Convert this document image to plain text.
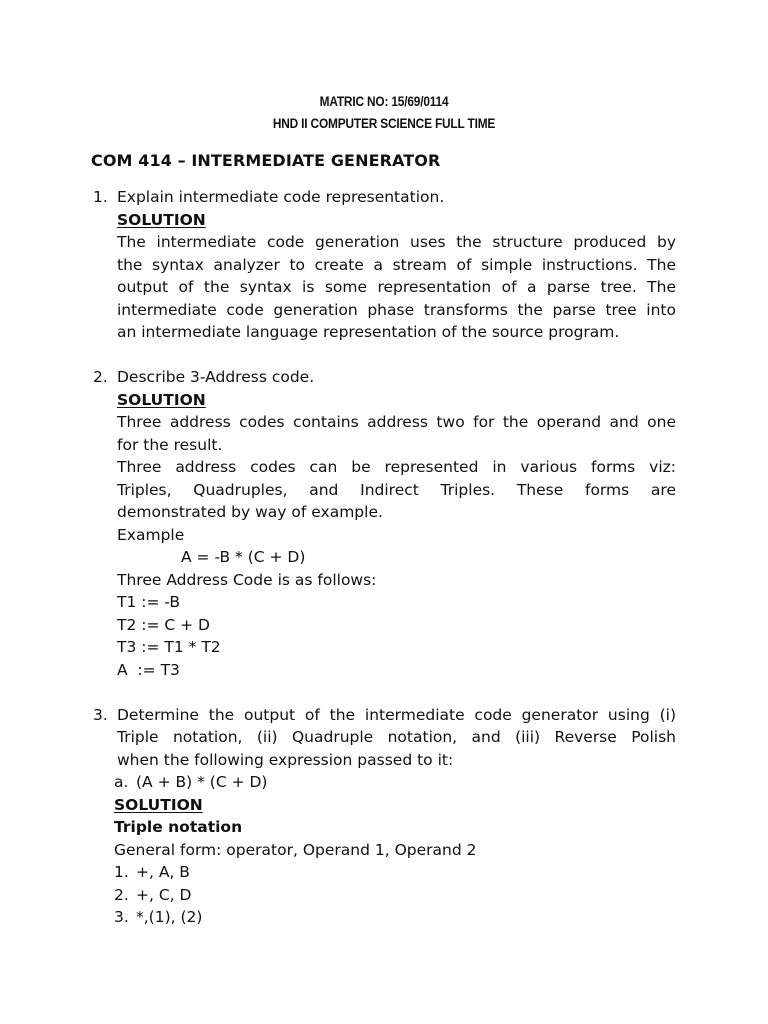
MATRIC NO: 15/69/0114
HND II COMPUTER SCIENCE FULL TIME
COM 414 – INTERMEDIATE GENERATOR
1. Explain intermediate code representation.
SOLUTION
The intermediate code generation uses the structure produced by
the syntax analyzer to create a stream of simple instructions. The
output of the syntax is some representation of a parse tree. The
intermediate code generation phase transforms the parse tree into
an intermediate language representation of the source program.
2. Describe 3-Address code.
SOLUTION
Three address codes contains address two for the operand and one
for the result.
Three address codes can be represented in various forms viz:
Triples, Quadruples, and Indirect Triples. These forms are
demonstrated by way of example.
Example
A = -B * (C + D)
Three Address Code is as follows:
T1 := -B
T2 := C + D
T3 := T1 * T2
A  := T3
3. Determine the output of the intermediate code generator using (i)
Triple notation, (ii) Quadruple notation, and (iii) Reverse Polish
when the following expression passed to it:
a. (A + B) * (C + D)
SOLUTION
Triple notation
General form: operator, Operand 1, Operand 2
1. +, A, B
2. +, C, D
3. *,(1), (2)
